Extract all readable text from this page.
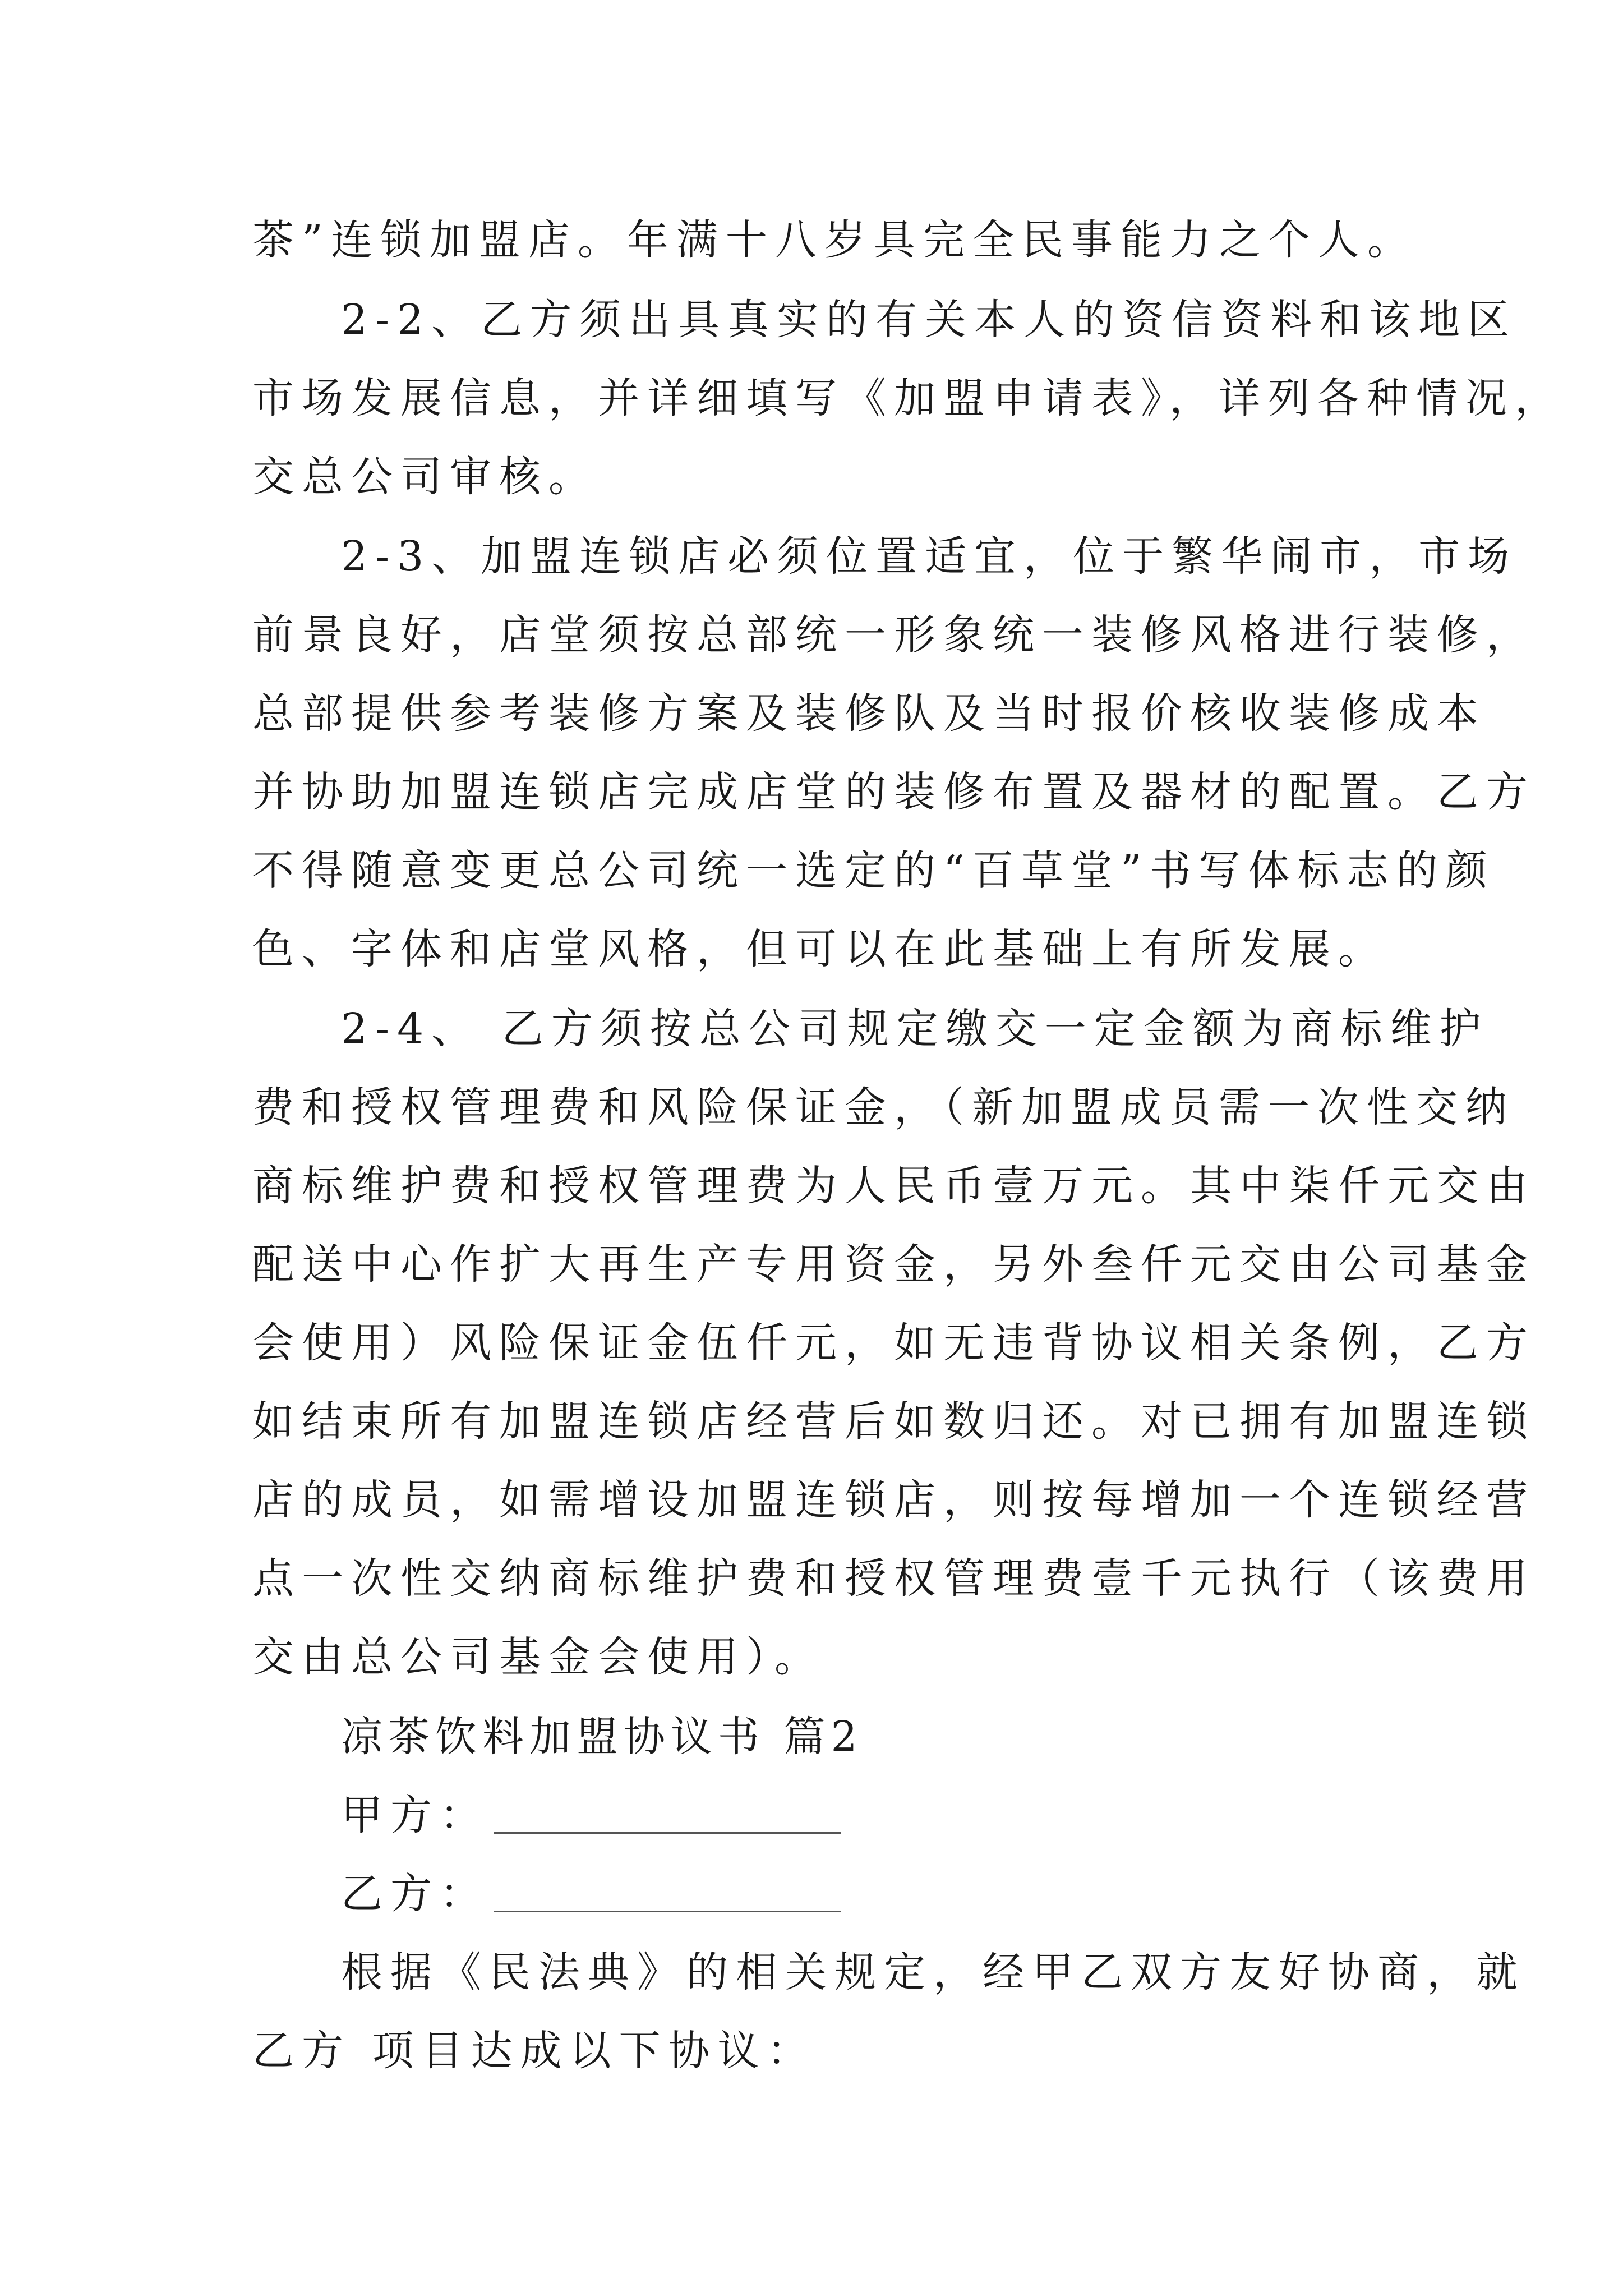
茶”连锁加盟店。年满十八岁具完全民事能力之个人。
2-2、乙方须出具真实的有关本人的资信资料和该地区
市场发展信息，并详细填写《加盟申请表》，详列各种情况，
交总公司审核。
2-3、加盟连锁店必须位置适宜，位于繁华闹市，市场
前景良好，店堂须按总部统一形象统一装修风格进行装修，
总部提供参考装修方案及装修队及当时报价核收装修成本
并协助加盟连锁店完成店堂的装修布置及器材的配置。乙方
不得随意变更总公司统一选定的“百草堂”书写体标志的颜
色、字体和店堂风格，但可以在此基础上有所发展。
2-4、 乙方须按总公司规定缴交一定金额为商标维护
费和授权管理费和风险保证金，（新加盟成员需一次性交纳
商标维护费和授权管理费为人民币壹万元。其中柒仟元交由
配送中心作扩大再生产专用资金，另外叁仟元交由公司基金
会使用）风险保证金伍仟元，如无违背协议相关条例，乙方
如结束所有加盟连锁店经营后如数归还。对已拥有加盟连锁
店的成员，如需增设加盟连锁店，则按每增加一个连锁经营
点一次性交纳商标维护费和授权管理费壹千元执行（该费用
交由总公司基金会使用）。
凉茶饮料加盟协议书 篇2
甲方：
乙方：
根据《民法典》的相关规定，经甲乙双方友好协商，就
乙方 项目达成以下协议：
